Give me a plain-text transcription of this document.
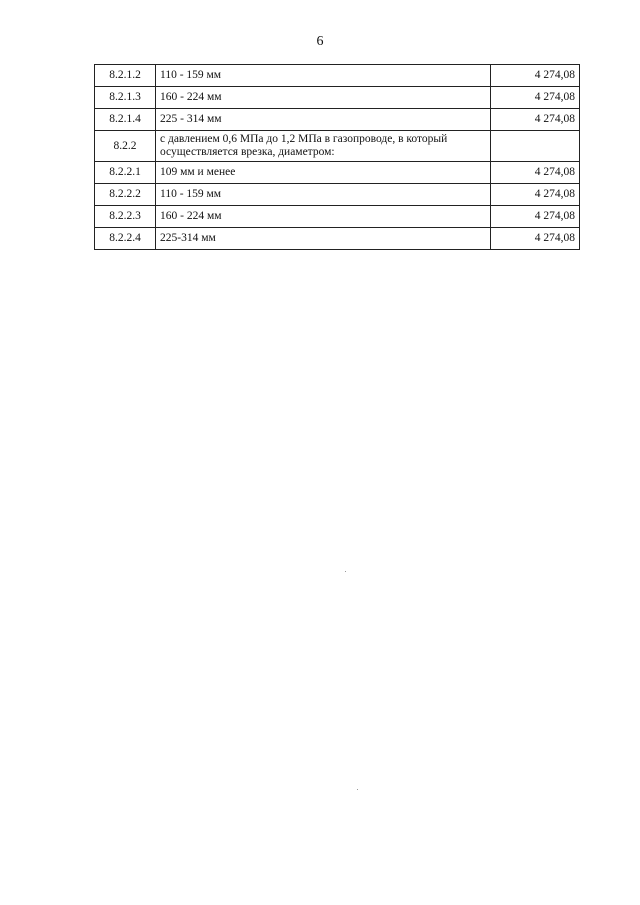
6
8.2.1.2	110 - 159 мм	4 274,08
8.2.1.3	160 - 224 мм	4 274,08
8.2.1.4	225 - 314 мм	4 274,08
8.2.2	с давлением 0,6 МПа до 1,2 МПа в газопроводе, в который осуществляется врезка, диаметром:	
8.2.2.1	109 мм и менее	4 274,08
8.2.2.2	110 - 159 мм	4 274,08
8.2.2.3	160 - 224 мм	4 274,08
8.2.2.4	225-314 мм	4 274,08
